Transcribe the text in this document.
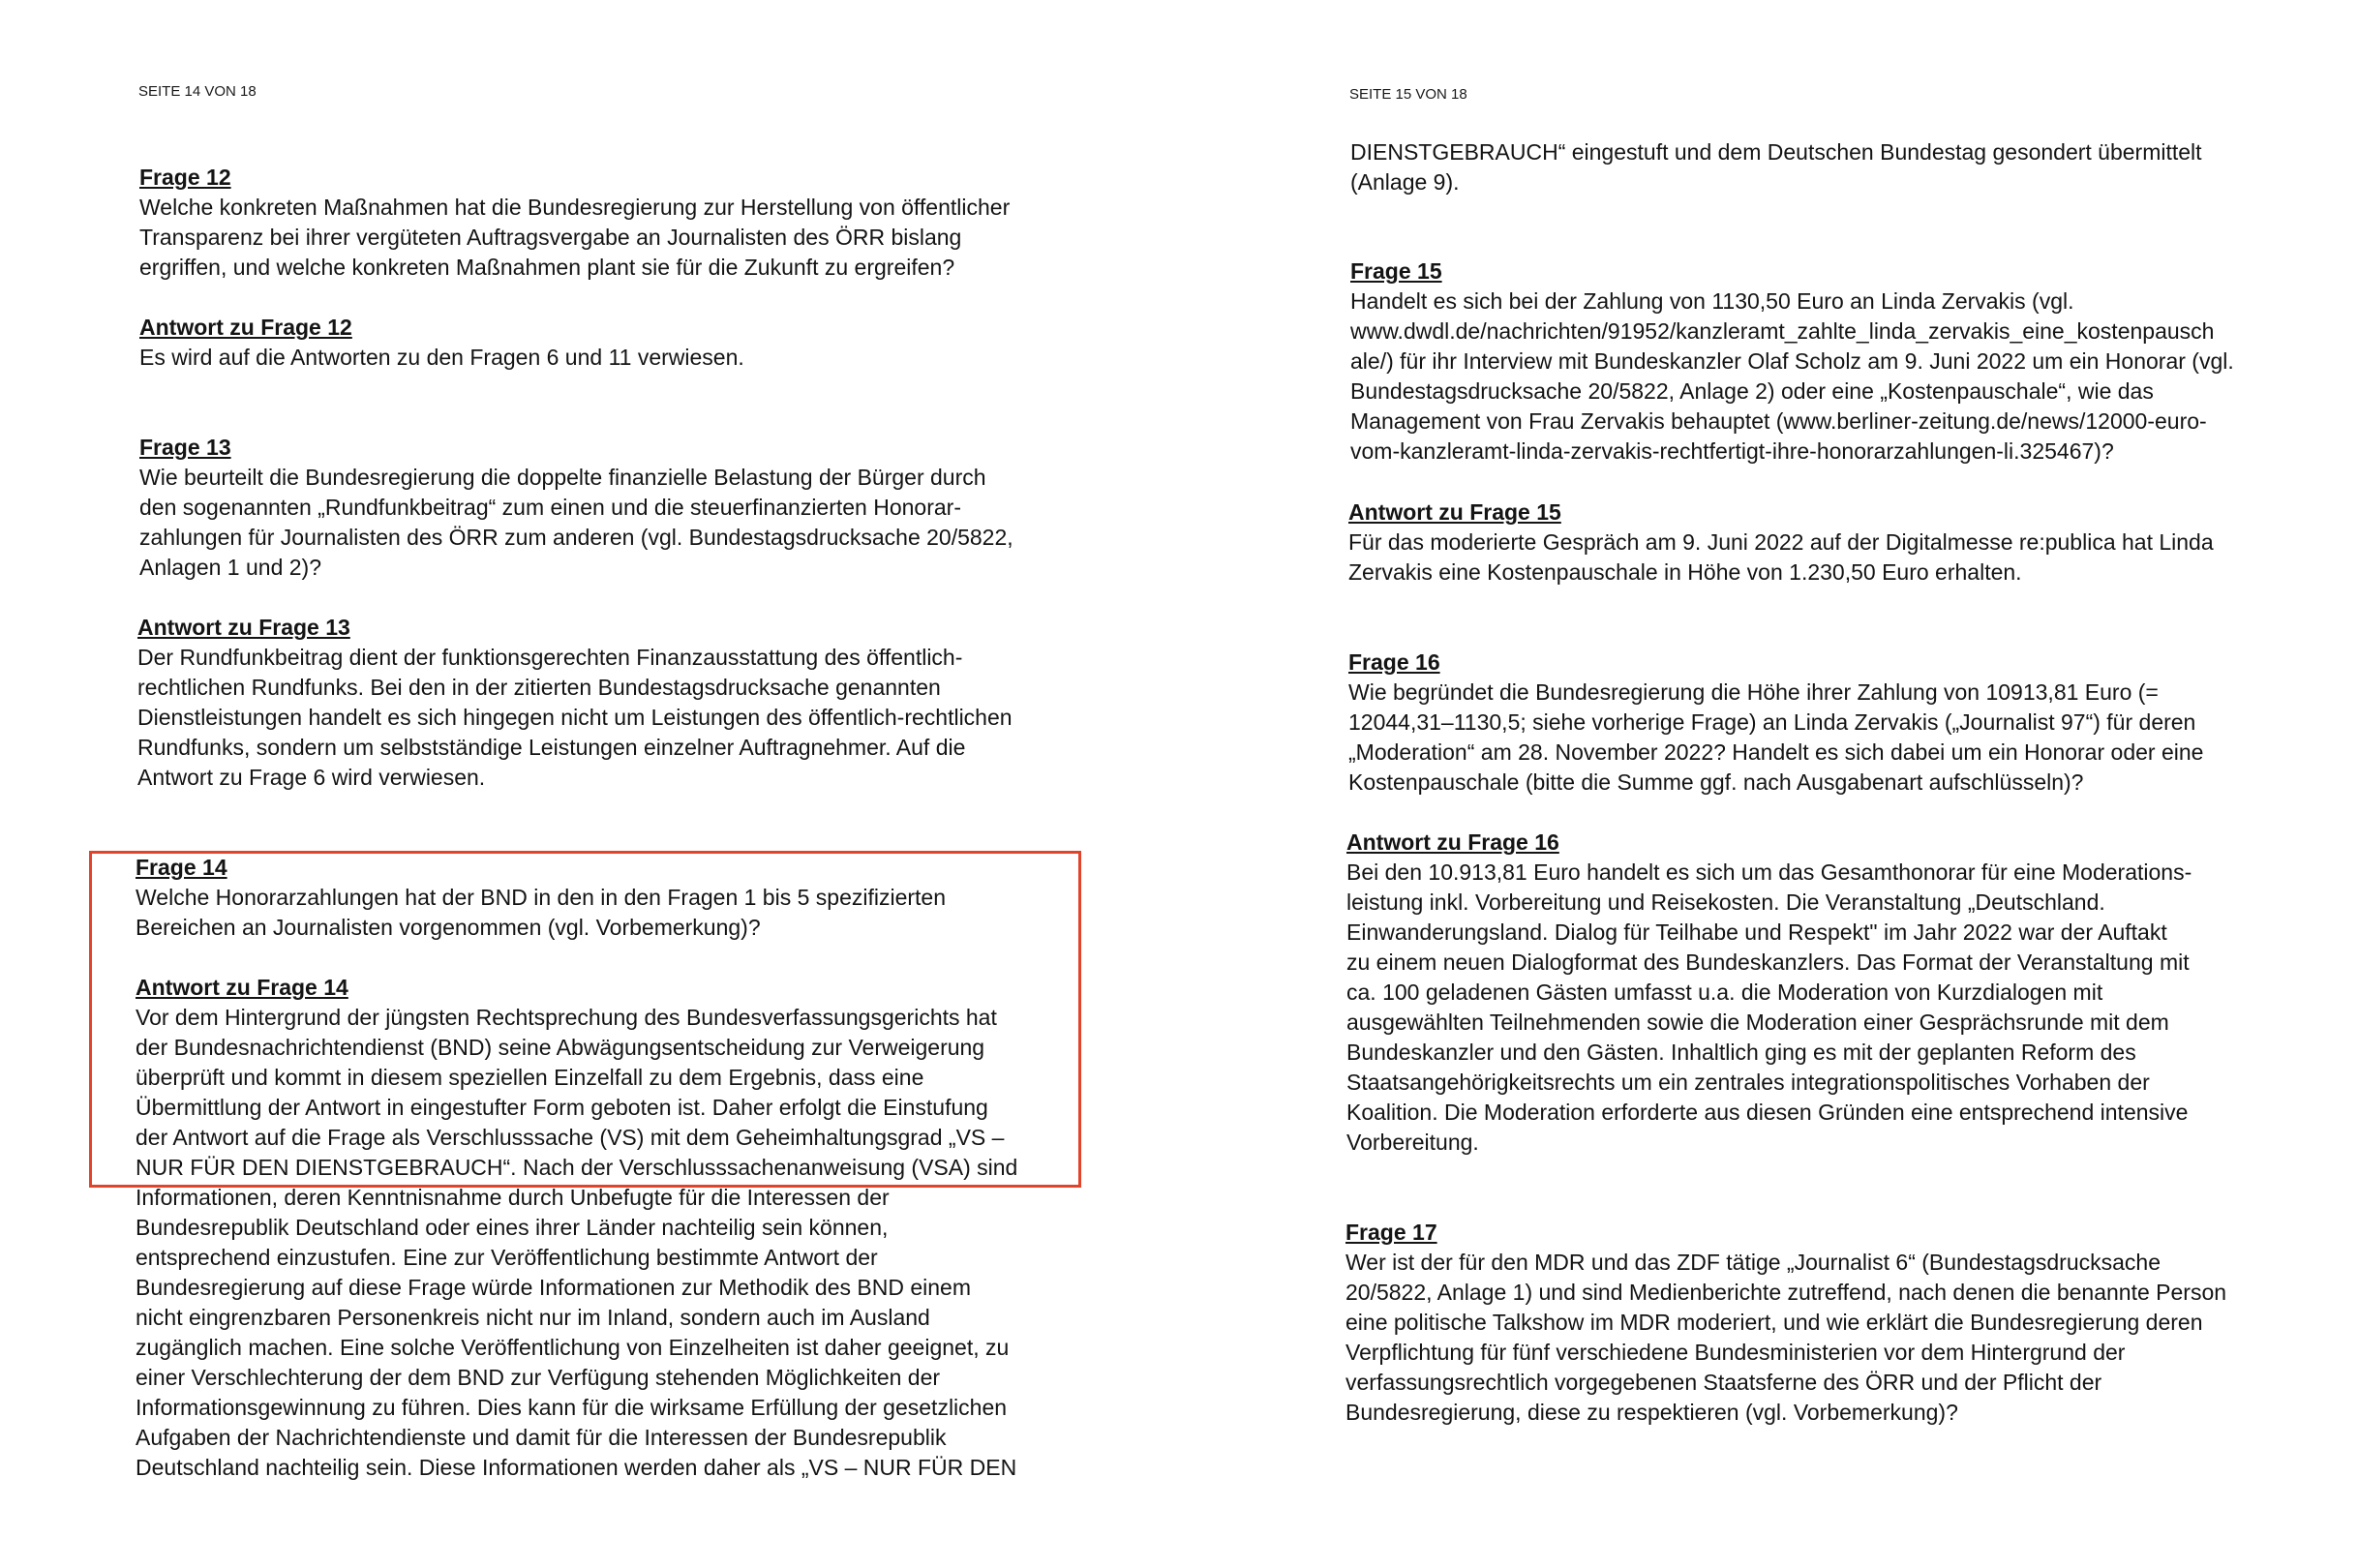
SEITE 14 VON 18
Frage 12
Welche konkreten Maßnahmen hat die Bundesregierung zur Herstellung von öffentlicher
Transparenz bei ihrer vergüteten Auftragsvergabe an Journalisten des ÖRR bislang
ergriffen, und welche konkreten Maßnahmen plant sie für die Zukunft zu ergreifen?
Antwort zu Frage 12
Es wird auf die Antworten zu den Fragen 6 und 11 verwiesen.
Frage 13
Wie beurteilt die Bundesregierung die doppelte finanzielle Belastung der Bürger durch
den sogenannten „Rundfunkbeitrag“ zum einen und die steuerfinanzierten Honorar-
zahlungen für Journalisten des ÖRR zum anderen (vgl. Bundestagsdrucksache 20/5822,
Anlagen 1 und 2)?
Antwort zu Frage 13
Der Rundfunkbeitrag dient der funktionsgerechten Finanzausstattung des öffentlich-
rechtlichen Rundfunks. Bei den in der zitierten Bundestagsdrucksache genannten
Dienstleistungen handelt es sich hingegen nicht um Leistungen des öffentlich-rechtlichen
Rundfunks, sondern um selbstständige Leistungen einzelner Auftragnehmer. Auf die
Antwort zu Frage 6 wird verwiesen.
Frage 14
Welche Honorarzahlungen hat der BND in den in den Fragen 1 bis 5 spezifizierten
Bereichen an Journalisten vorgenommen (vgl. Vorbemerkung)?
Antwort zu Frage 14
Vor dem Hintergrund der jüngsten Rechtsprechung des Bundesverfassungsgerichts hat
der Bundesnachrichtendienst (BND) seine Abwägungsentscheidung zur Verweigerung
überprüft und kommt in diesem speziellen Einzelfall zu dem Ergebnis, dass eine
Übermittlung der Antwort in eingestufter Form geboten ist. Daher erfolgt die Einstufung
der Antwort auf die Frage als Verschlusssache (VS) mit dem Geheimhaltungsgrad „VS –
NUR FÜR DEN DIENSTGEBRAUCH“. Nach der Verschlusssachenanweisung (VSA) sind
Informationen, deren Kenntnisnahme durch Unbefugte für die Interessen der
Bundesrepublik Deutschland oder eines ihrer Länder nachteilig sein können,
entsprechend einzustufen. Eine zur Veröffentlichung bestimmte Antwort der
Bundesregierung auf diese Frage würde Informationen zur Methodik des BND einem
nicht eingrenzbaren Personenkreis nicht nur im Inland, sondern auch im Ausland
zugänglich machen. Eine solche Veröffentlichung von Einzelheiten ist daher geeignet, zu
einer Verschlechterung der dem BND zur Verfügung stehenden Möglichkeiten der
Informationsgewinnung zu führen. Dies kann für die wirksame Erfüllung der gesetzlichen
Aufgaben der Nachrichtendienste und damit für die Interessen der Bundesrepublik
Deutschland nachteilig sein. Diese Informationen werden daher als „VS – NUR FÜR DEN
SEITE 15 VON 18
DIENSTGEBRAUCH“ eingestuft und dem Deutschen Bundestag gesondert übermittelt
(Anlage 9).
Frage 15
Handelt es sich bei der Zahlung von 1130,50 Euro an Linda Zervakis (vgl.
www.dwdl.de/nachrichten/91952/kanzleramt_zahlte_linda_zervakis_eine_kostenpausch
ale/) für ihr Interview mit Bundeskanzler Olaf Scholz am 9. Juni 2022 um ein Honorar (vgl.
Bundestagsdrucksache 20/5822, Anlage 2) oder eine „Kostenpauschale“, wie das
Management von Frau Zervakis behauptet (www.berliner-zeitung.de/news/12000-euro-
vom-kanzleramt-linda-zervakis-rechtfertigt-ihre-honorarzahlungen-li.325467)?
Antwort zu Frage 15
Für das moderierte Gespräch am 9. Juni 2022 auf der Digitalmesse re:publica hat Linda
Zervakis eine Kostenpauschale in Höhe von 1.230,50 Euro erhalten.
Frage 16
Wie begründet die Bundesregierung die Höhe ihrer Zahlung von 10913,81 Euro (=
12044,31–1130,5; siehe vorherige Frage) an Linda Zervakis („Journalist 97“) für deren
„Moderation“ am 28. November 2022? Handelt es sich dabei um ein Honorar oder eine
Kostenpauschale (bitte die Summe ggf. nach Ausgabenart aufschlüsseln)?
Antwort zu Frage 16
Bei den 10.913,81 Euro handelt es sich um das Gesamthonorar für eine Moderations-
leistung inkl. Vorbereitung und Reisekosten. Die Veranstaltung „Deutschland.
Einwanderungsland. Dialog für Teilhabe und Respekt" im Jahr 2022 war der Auftakt
zu einem neuen Dialogformat des Bundeskanzlers. Das Format der Veranstaltung mit
ca. 100 geladenen Gästen umfasst u.a. die Moderation von Kurzdialogen mit
ausgewählten Teilnehmenden sowie die Moderation einer Gesprächsrunde mit dem
Bundeskanzler und den Gästen. Inhaltlich ging es mit der geplanten Reform des
Staatsangehörigkeitsrechts um ein zentrales integrationspolitisches Vorhaben der
Koalition. Die Moderation erforderte aus diesen Gründen eine entsprechend intensive
Vorbereitung.
Frage 17
Wer ist der für den MDR und das ZDF tätige „Journalist 6“ (Bundestagsdrucksache
20/5822, Anlage 1) und sind Medienberichte zutreffend, nach denen die benannte Person
eine politische Talkshow im MDR moderiert, und wie erklärt die Bundesregierung deren
Verpflichtung für fünf verschiedene Bundesministerien vor dem Hintergrund der
verfassungsrechtlich vorgegebenen Staatsferne des ÖRR und der Pflicht der
Bundesregierung, diese zu respektieren (vgl. Vorbemerkung)?
